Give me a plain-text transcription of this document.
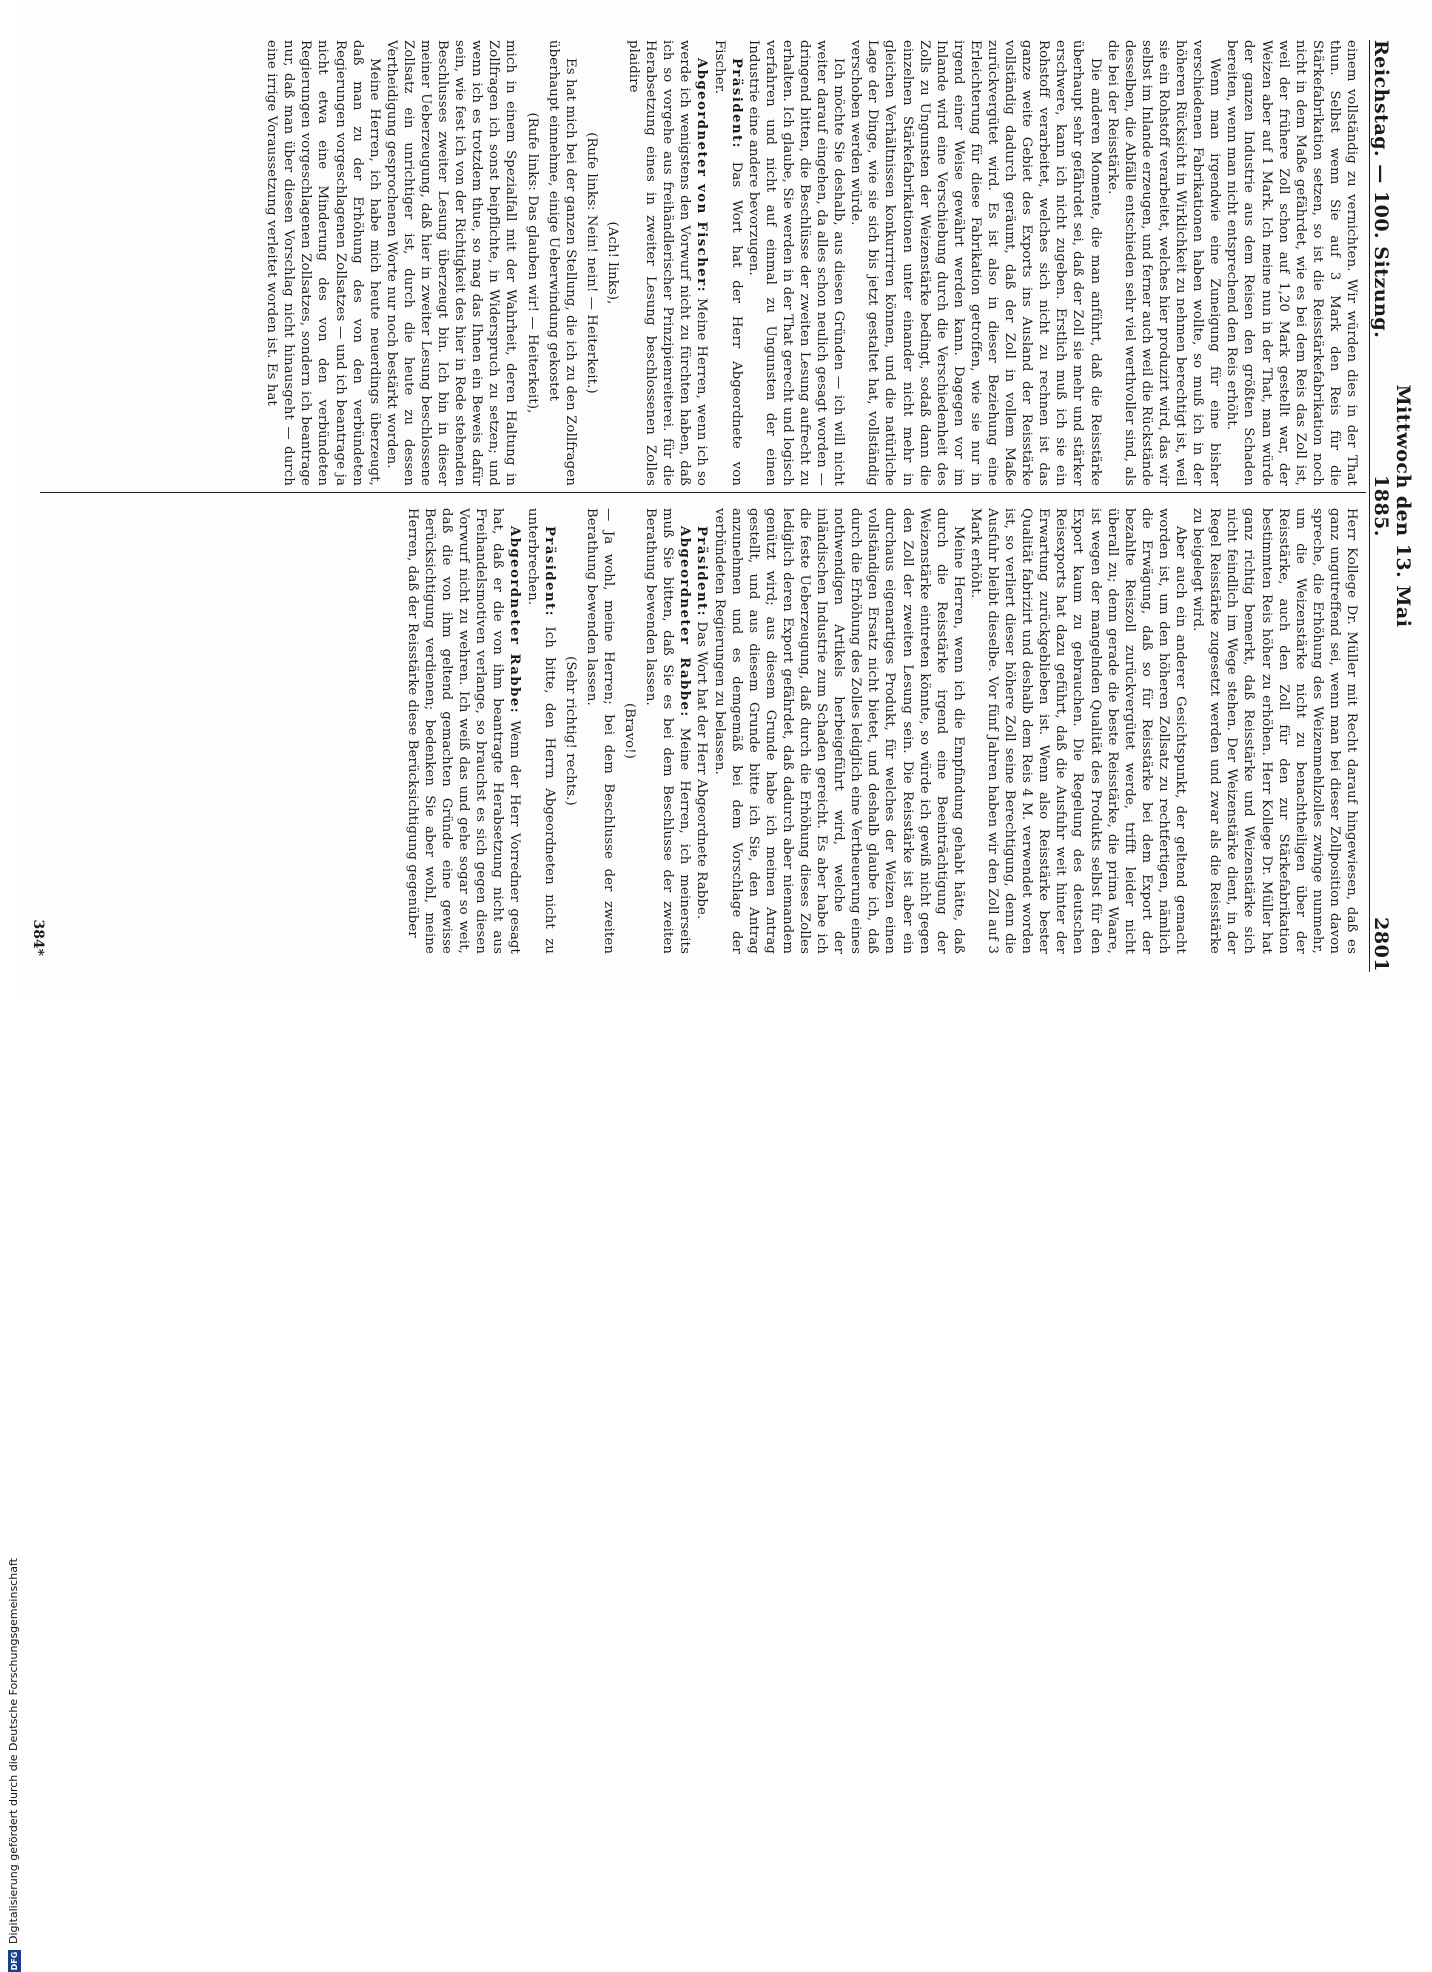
Reichstag. — 100. Sitzung.
Mittwoch den 13. Mai 1885.
2801

einem vollständig zu vernichten. Wir würden dies in der That thun. Selbst wenn Sie auf 3 Mark den Reis für die Stärkefabrikation setzen, so ist die Reisstärkefabrikation noch nicht in dem Maße gefährdet, wie es bei dem Reis das Zoll ist, weil der frühere Zoll schon auf 1,20 Mark gestellt war, der Weizen aber auf 1 Mark. Ich meine nun in der That, man würde der ganzen Industrie aus dem Reisen den größten Schaden bereiten, wenn man nicht entsprechend den Reis erhöht.

Wenn man irgendwie eine Zuneigung für eine bisher verschiedenen Fabrikationen haben wollte, so muß ich in der höheren Rücksicht in Wirklichkeit zu nehmen berechtigt ist, weil sie ein Rohstoff verarbeitet, welches hier produzirt wird, das wir selbst im Inlande erzeugen, und ferner auch weil die Rückstände desselben, die Abfälle entschieden sehr viel werthvoller sind, als die bei der Reisstärke.

Die anderen Momente, die man anführt, daß die Reisstärke überhaupt sehr gefährdet sei, daß der Zoll sie mehr und stärker erschwere, kann ich nicht zugeben. Erstlich muß ich sie ein Rohstoff verarbeitet, welches sich nicht zu rechnen ist das ganze weite Gebiet des Exports ins Ausland der Reisstärke vollständig dadurch geräumt, daß der Zoll in vollem Maße zurückvergütet wird. Es ist also in dieser Beziehung eine Erleichterung für diese Fabrikation getroffen, wie sie nur in irgend einer Weise gewährt werden kann. Dagegen vor im Inlande wird eine Verschiebung durch die Verschiedenheit des Zolls zu Ungunsten der Weizenstärke bedingt, sodaß dann die einzelnen Stärkefabrikationen unter einander nicht mehr in gleichen Verhältnissen konkurriren können, und die natürliche Lage der Dinge, wie sie sich bis jetzt gestaltet hat, vollständig verschoben werden würde.

Ich möchte Sie deshalb, aus diesen Gründen — ich will nicht weiter darauf eingehen, da alles schon neulich gesagt worden — dringend bitten, die Beschlüsse der zweiten Lesung aufrecht zu erhalten. Ich glaube, Sie werden in der That gerecht und logisch verfahren und nicht auf einmal zu Ungunsten der einen Industrie eine andere bevorzugen.

Präsident: Das Wort hat der Herr Abgeordnete von Fischer.

Abgeordneter von Fischer: Meine Herren, wenn ich so werde ich wenigstens den Vorwurf nicht zu fürchten haben, daß ich so vorgehe aus freihändlerischer Prinzipienreiterei. für die Herabsetzung eines in zweiter Lesung beschlossenen Zolles plaidire

(Ach! links),

(Rufe links: Nein! nein! — Heiterkeit.)

Es hat mich bei der ganzen Stellung, die ich zu den Zollfragen überhaupt einnehme, einige Ueberwindung gekostet

(Rufe links: Das glauben wir! — Heiterkeit),

mich in einem Spezialfall mit der Wahrheit, deren Haltung in Zollfragen ich sonst beipflichte, in Widerspruch zu setzen; und wenn ich es trotzdem thue, so mag das Ihnen ein Beweis dafür sein, wie fest ich von der Richtigkeit des hier in Rede stehenden Beschlusses zweiter Lesung überzeugt bin. Ich bin in dieser meiner Ueberzeugung, daß hier in zweiter Lesung beschlossene Zollsatz ein unrichtiger ist, durch die heute zu dessen Vertheidigung gesprochenen Worte nur noch bestärkt worden.

Meine Herren, ich habe mich heute neuerdings überzeugt, daß man zu der Erhöhung des von den verbündeten Regierungen vorgeschlagenen Zollsatzes — und ich beantrage ja nicht etwa eine Minderung des von den verbündeten Regierungen vorgeschlagenen Zollsatzes, sondern ich beantrage nur, daß man über diesen Vorschlag nicht hinausgeht — durch eine irrige Voraussetzung verleitet worden ist. Es hat

Herr Kollege Dr. Müller mit Recht darauf hingewiesen, daß es ganz ungutreffend sei, wenn man bei dieser Zollposition davon spreche, die Erhöhung des Weizenmehlzolles zwinge nunmehr, um die Weizenstärke nicht zu benachtheiligen über der Reisstärke, auch den Zoll für den zur Stärkefabrikation bestimmten Reis höher zu erhöhen. Herr Kollege Dr. Müller hat ganz richtig bemerkt, daß Reisstärke und Weizenstärke sich nicht feindlich im Wege stehen. Der Weizenstärke dient, in der Regel Reisstärke zugesetzt werden und zwar als die Reisstärke zu beigelegt wird.

Aber auch ein anderer Gesichtspunkt, der geltend gemacht worden ist, um den höheren Zollsatz zu rechtfertigen, nämlich die Erwägung, daß so für Reisstärke bei dem Export der bezahlte Reiszoll zurückvergütet werde, trifft leider nicht überall zu; denn gerade die beste Reisstärke, die prima Waare, ist wegen der mangelnden Qualität des Produkts selbst für den Export kaum zu gebrauchen. Die Regelung des deutschen Reisexports hat dazu geführt, daß die Ausfuhr weit hinter der Erwartung zurückgeblieben ist. Wenn also Reisstärke bester Qualität fabrizirt und deshalb dem Reis 4 M. verwendet worden ist, so verliert dieser höhere Zoll seine Berechtigung, denn die Ausfuhr bleibt dieselbe. Vor fünf Jahren haben wir den Zoll auf 3 Mark erhöht.

Meine Herren, wenn ich die Empfindung gehabt hätte, daß durch die Reisstärke irgend eine Beeinträchtigung der Weizenstärke eintreten könnte, so würde ich gewiß nicht gegen den Zoll der zweiten Lesung sein. Die Reisstärke ist aber ein durchaus eigenartiges Produkt, für welches der Weizen einen vollständigen Ersatz nicht bietet, und deshalb glaube ich, daß durch die Erhöhung des Zolles lediglich eine Vertheuerung eines nothwendigen Artikels herbeigeführt wird, welche der inländischen Industrie zum Schaden gereicht. Es aber habe ich die feste Ueberzeugung, daß durch die Erhöhung dieses Zolles lediglich deren Export gefährdet, daß dadurch aber niemandem genützt wird; aus diesem Grunde habe ich meinen Antrag gestellt, und aus diesem Grunde bitte ich Sie, den Antrag anzunehmen und es demgemäß bei dem Vorschlage der verbündeten Regierungen zu belassen.

Präsident: Das Wort hat der Herr Abgeordnete Rabbe.

Abgeordneter Rabbe: Meine Herren, ich meinerseits muß Sie bitten, daß Sie es bei dem Beschlusse der zweiten Berathung bewenden lassen.

(Bravo!)

— Ja wohl, meine Herren; bei dem Beschlusse der zweiten Berathung bewenden lassen.

(Sehr richtig! rechts.)

Präsident: Ich bitte, den Herrn Abgeordneten nicht zu unterbrechen.

Abgeordneter Rabbe: Wenn der Herr Vorredner gesagt hat, daß er die von ihm beantragte Herabsetzung nicht aus Freihandelsmotiven verlange, so brauchst es sich gegen diesen Vorwurf nicht zu wehren. Ich weiß das und gehe sogar so weit, daß die von ihm geltend gemachten Gründe eine gewisse Berücksichtigung verdienen; bedenken Sie aber wohl, meine Herren, daß der Reisstärke diese Berücksichtigung gegenüber

384*
DFG
Digitalisierung gefördert durch die Deutsche Forschungsgemeinschaft
